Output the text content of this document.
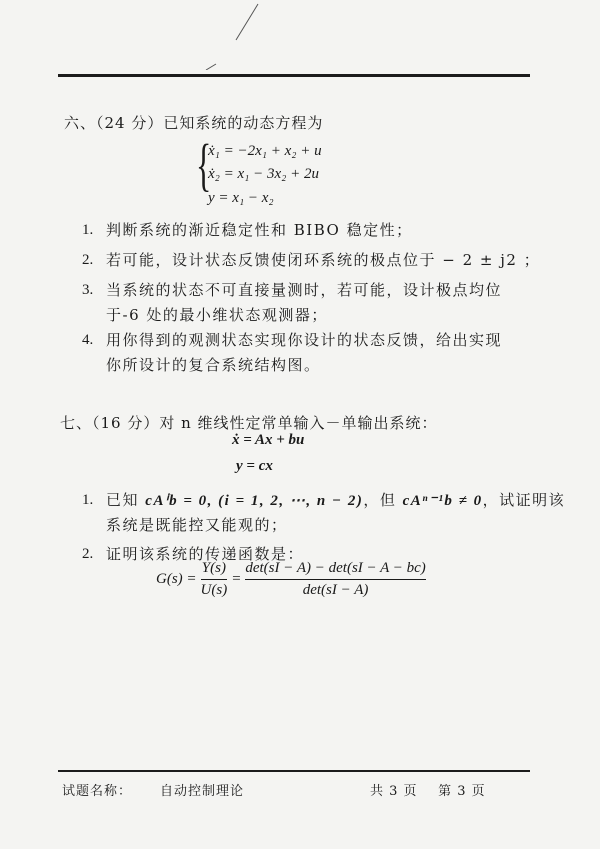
六、（24 分）已知系统的动态方程为
{
ẋ₁ = −2x₁ + x₂ + u
ẋ₂ = x₁ − 3x₂ + 2u
y = x₁ − x₂
1. 判断系统的渐近稳定性和 BIBO 稳定性；
2. 若可能，设计状态反馈使闭环系统的极点位于 − 2 ± j2 ；
3. 当系统的状态不可直接量测时，若可能，设计极点均位
于-6 处的最小维状态观测器；
4. 用你得到的观测状态实现你设计的状态反馈，给出实现
你所设计的复合系统结构图。
七、（16 分）对 n 维线性定常单输入－单输出系统：
ẋ = Ax + bu
y = cx
1. 已知 cAⁱb = 0, (i = 1, 2, ⋯, n − 2)，但 cAⁿ⁻¹b ≠ 0，试证明该
系统是既能控又能观的；
2. 证明该系统的传递函数是：
$G(s) = \frac{Y(s)}{U(s)} = \frac{\det(sI - A) - \det(sI - A - bc)}{\det(sI - A)}$
试题名称： 自动控制理论	共 3 页    第 3 页
